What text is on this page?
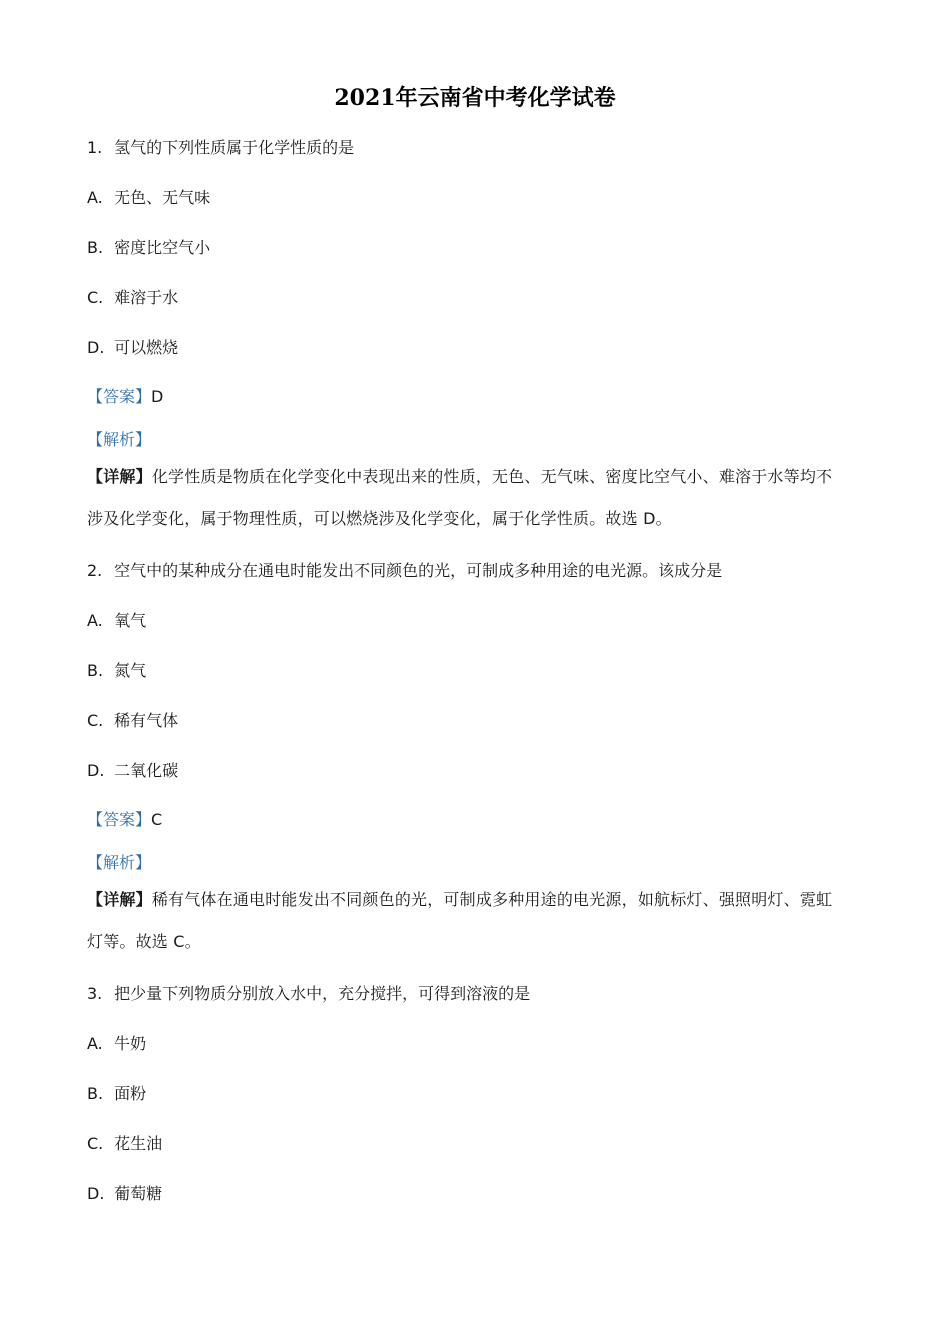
2021年云南省中考化学试卷
1. 氢气的下列性质属于化学性质的是
A. 无色、无气味
B. 密度比空气小
C. 难溶于水
D. 可以燃烧
【答案】D
【解析】
【详解】化学性质是物质在化学变化中表现出来的性质，无色、无气味、密度比空气小、难溶于水等均不
涉及化学变化，属于物理性质，可以燃烧涉及化学变化，属于化学性质。故选 D。
2. 空气中的某种成分在通电时能发出不同颜色的光，可制成多种用途的电光源。该成分是
A. 氧气
B. 氮气
C. 稀有气体
D. 二氧化碳
【答案】C
【解析】
【详解】稀有气体在通电时能发出不同颜色的光，可制成多种用途的电光源，如航标灯、强照明灯、霓虹
灯等。故选 C。
3. 把少量下列物质分别放入水中，充分搅拌，可得到溶液的是
A. 牛奶
B. 面粉
C. 花生油
D. 葡萄糖
